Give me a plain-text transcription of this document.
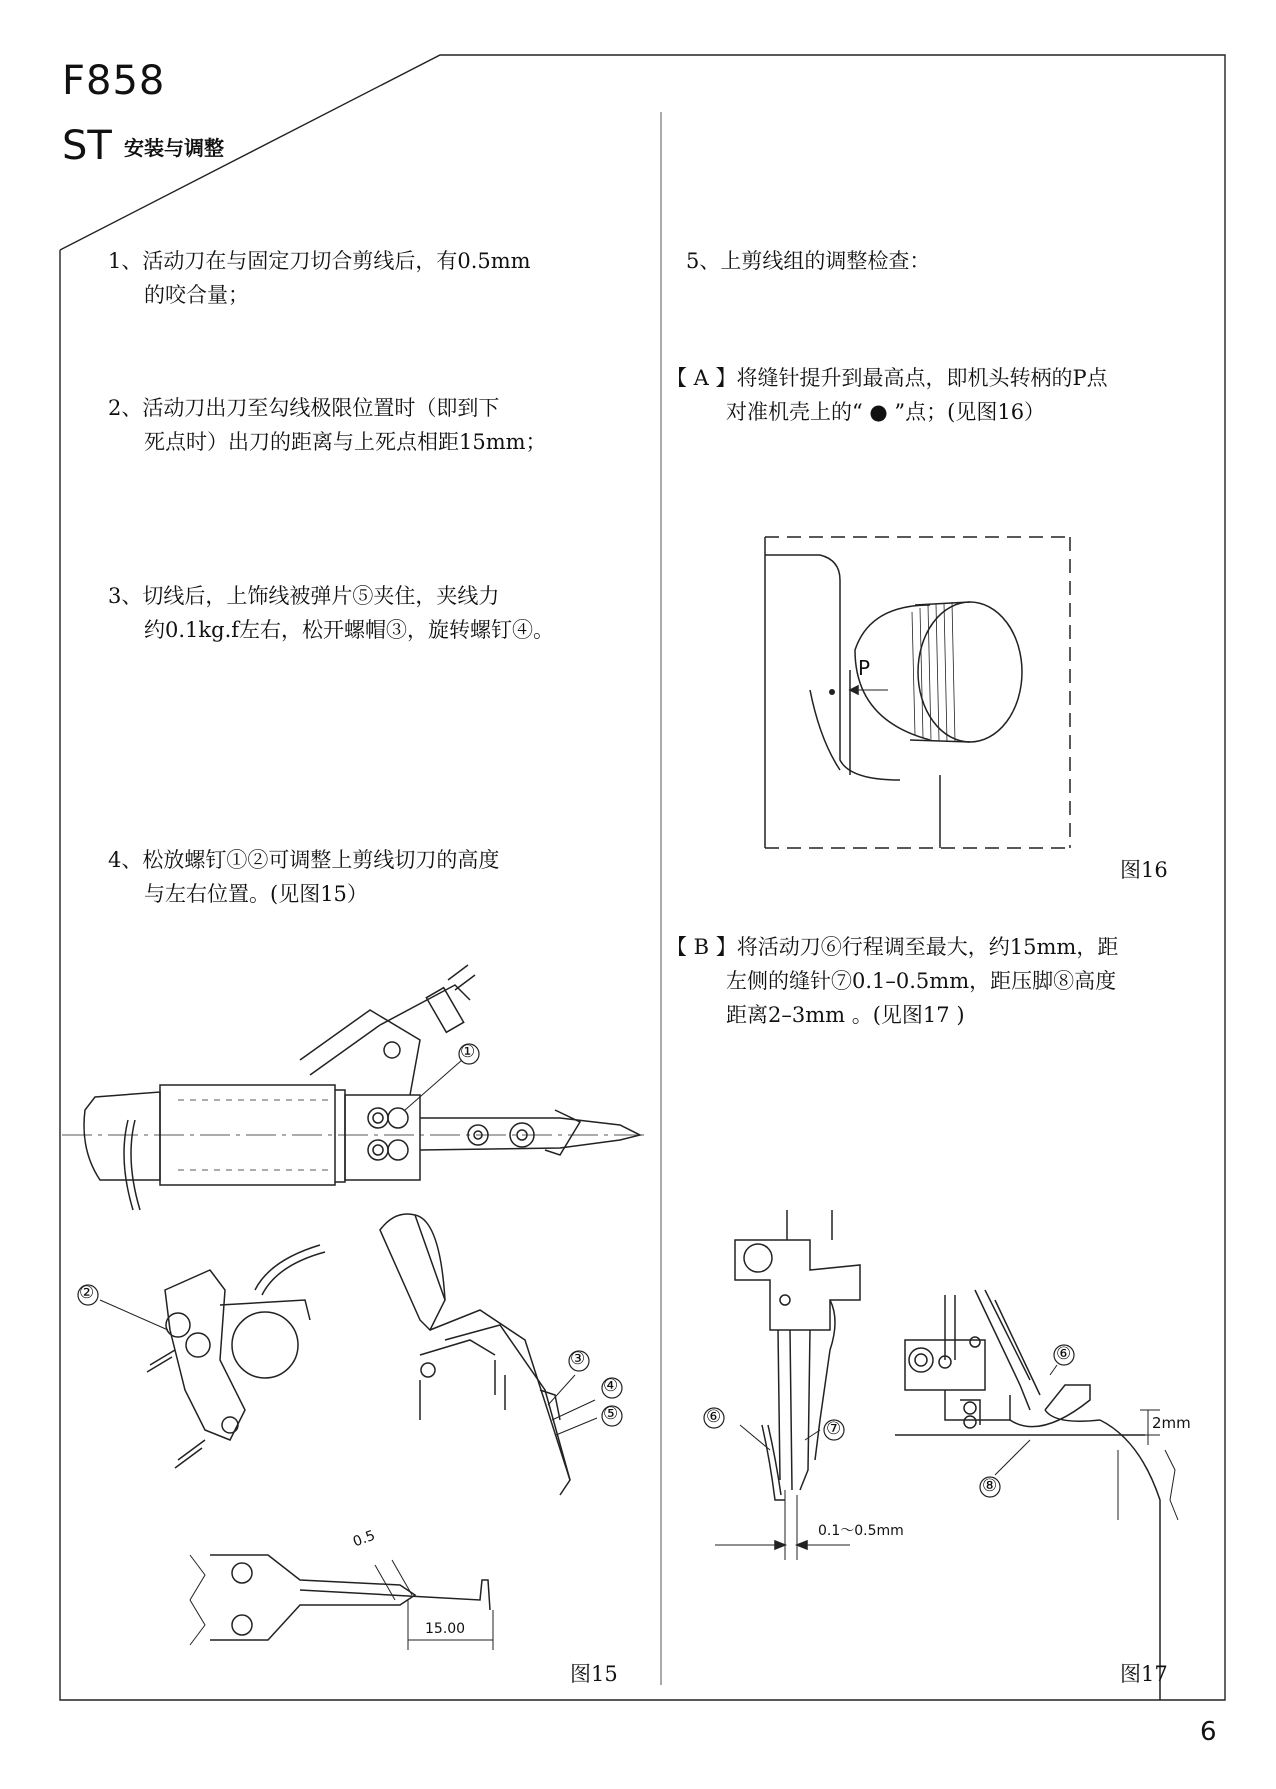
F858
ST 安装与调整
1、活动刀在与固定刀切合剪线后，有0.5mm
的咬合量；
2、活动刀出刀至勾线极限位置时（即到下
死点时）出刀的距离与上死点相距15mm；
3、切线后，上饰线被弹片⑤夹住，夹线力
约0.1kg.f左右，松开螺帽③，旋转螺钉④。
4、松放螺钉①②可调整上剪线切刀的高度
与左右位置。(见图15）
①
②
③
④
⑤
0.5
15.00
图15
5、上剪线组的调整检查：
【 A 】将缝针提升到最高点，即机头转柄的P点
对准机壳上的“ ● ”点；(见图16）
P
图16
【 B 】将活动刀⑥行程调至最大，约15mm，距
左侧的缝针⑦0.1–0.5mm，距压脚⑧高度
距离2–3mm 。(见图17 )
⑥
⑦
⑥
⑧
0.1～0.5mm
2mm
图17
6
